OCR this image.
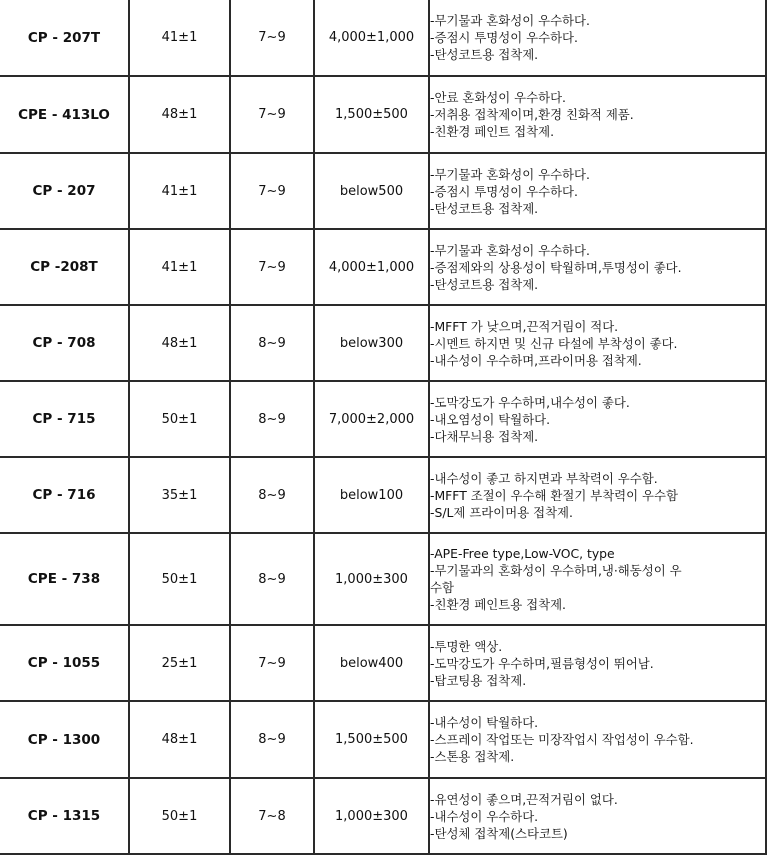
CP - 207T	41±1	7~9	4,000±1,000	-무기물과 혼화성이 우수하다.
-증점시 투명성이 우수하다.
-탄성코트용 접착제.

CPE - 413LO	48±1	7~9	1,500±500	-안료 혼화성이 우수하다.
-저취용 접착제이며,환경 친화적 제품.
-친환경 페인트 접착제.

CP - 207	41±1	7~9	below500	-무기물과 혼화성이 우수하다.
-증점시 투명성이 우수하다.
-탄성코트용 접착제.

CP -208T	41±1	7~9	4,000±1,000	-무기물과 혼화성이 우수하다.
-증점제와의 상용성이 탁월하며,투명성이 좋다.
-탄성코트용 접착제.

CP - 708	48±1	8~9	below300	-MFFT 가 낮으며,끈적거림이 적다.
-시멘트 하지면 및 신규 타설에 부착성이 좋다.
-내수성이 우수하며,프라이머용 접착제.

CP - 715	50±1	8~9	7,000±2,000	-도막강도가 우수하며,내수성이 좋다.
-내오염성이 탁월하다.
-다채무늬용 접착제.

CP - 716	35±1	8~9	below100	-내수성이 좋고 하지면과 부착력이 우수함.
-MFFT 조절이 우수해 환절기 부착력이 우수함
-S/L제 프라이머용 접착제.

CPE - 738	50±1	8~9	1,000±300	-APE-Free type,Low-VOC, type
-무기물과의 혼화성이 우수하며,냉·해동성이 우수함
-친환경 페인트용 접착제.

CP - 1055	25±1	7~9	below400	-투명한 액상.
-도막강도가 우수하며,필름형성이 뛰어남.
-탑코팅용 접착제.

CP - 1300	48±1	8~9	1,500±500	-내수성이 탁월하다.
-스프레이 작업또는 미장작업시 작업성이 우수함.
-스톤용 접착제.

CP - 1315	50±1	7~8	1,000±300	-유연성이 좋으며,끈적거림이 없다.
-내수성이 우수하다.
-탄성체 접착제(스타코트)
